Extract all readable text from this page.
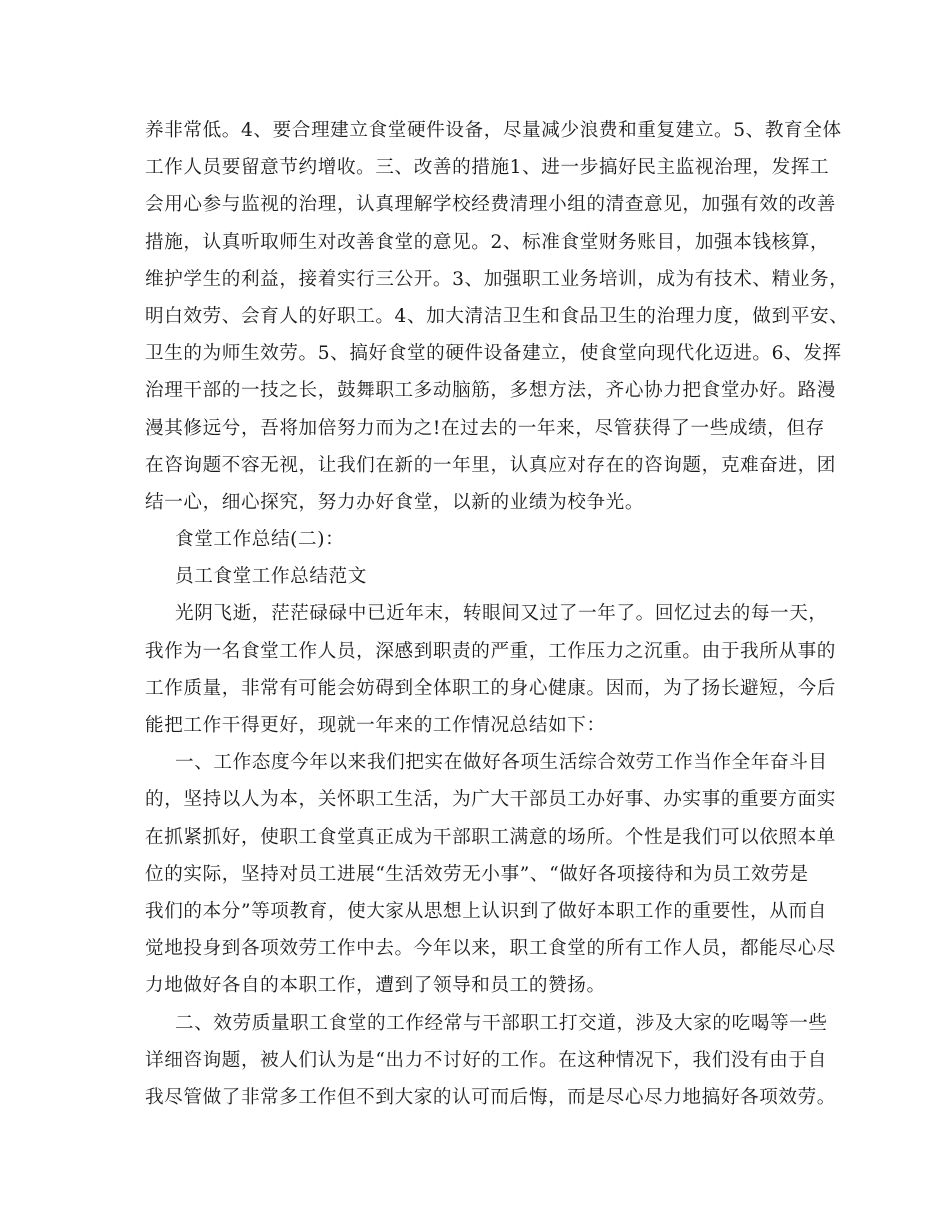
养非常低。4、要合理建立食堂硬件设备，尽量减少浪费和重复建立。5、教育全体
工作人员要留意节约增收。三、改善的措施1、进一步搞好民主监视治理，发挥工
会用心参与监视的治理，认真理解学校经费清理小组的清查意见，加强有效的改善
措施，认真听取师生对改善食堂的意见。2、标准食堂财务账目，加强本钱核算，
维护学生的利益，接着实行三公开。3、加强职工业务培训，成为有技术、精业务，
明白效劳、会育人的好职工。4、加大清洁卫生和食品卫生的治理力度，做到平安、
卫生的为师生效劳。5、搞好食堂的硬件设备建立，使食堂向现代化迈进。6、发挥
治理干部的一技之长，鼓舞职工多动脑筋，多想方法，齐心协力把食堂办好。路漫
漫其修远兮，吾将加倍努力而为之!在过去的一年来，尽管获得了一些成绩，但存
在咨询题不容无视，让我们在新的一年里，认真应对存在的咨询题，克难奋进，团
结一心，细心探究，努力办好食堂，以新的业绩为校争光。
食堂工作总结(二)：
员工食堂工作总结范文
光阴飞逝，茫茫碌碌中已近年末，转眼间又过了一年了。回忆过去的每一天，
我作为一名食堂工作人员，深感到职责的严重，工作压力之沉重。由于我所从事的
工作质量，非常有可能会妨碍到全体职工的身心健康。因而，为了扬长避短，今后
能把工作干得更好，现就一年来的工作情况总结如下：
一、工作态度今年以来我们把实在做好各项生活综合效劳工作当作全年奋斗目
的，坚持以人为本，关怀职工生活，为广大干部员工办好事、办实事的重要方面实
在抓紧抓好，使职工食堂真正成为干部职工满意的场所。个性是我们可以依照本单
位的实际，坚持对员工进展“生活效劳无小事”、“做好各项接待和为员工效劳是
我们的本分”等项教育，使大家从思想上认识到了做好本职工作的重要性，从而自
觉地投身到各项效劳工作中去。今年以来，职工食堂的所有工作人员，都能尽心尽
力地做好各自的本职工作，遭到了领导和员工的赞扬。
二、效劳质量职工食堂的工作经常与干部职工打交道，涉及大家的吃喝等一些
详细咨询题，被人们认为是“出力不讨好的工作。在这种情况下，我们没有由于自
我尽管做了非常多工作但不到大家的认可而后悔，而是尽心尽力地搞好各项效劳。
